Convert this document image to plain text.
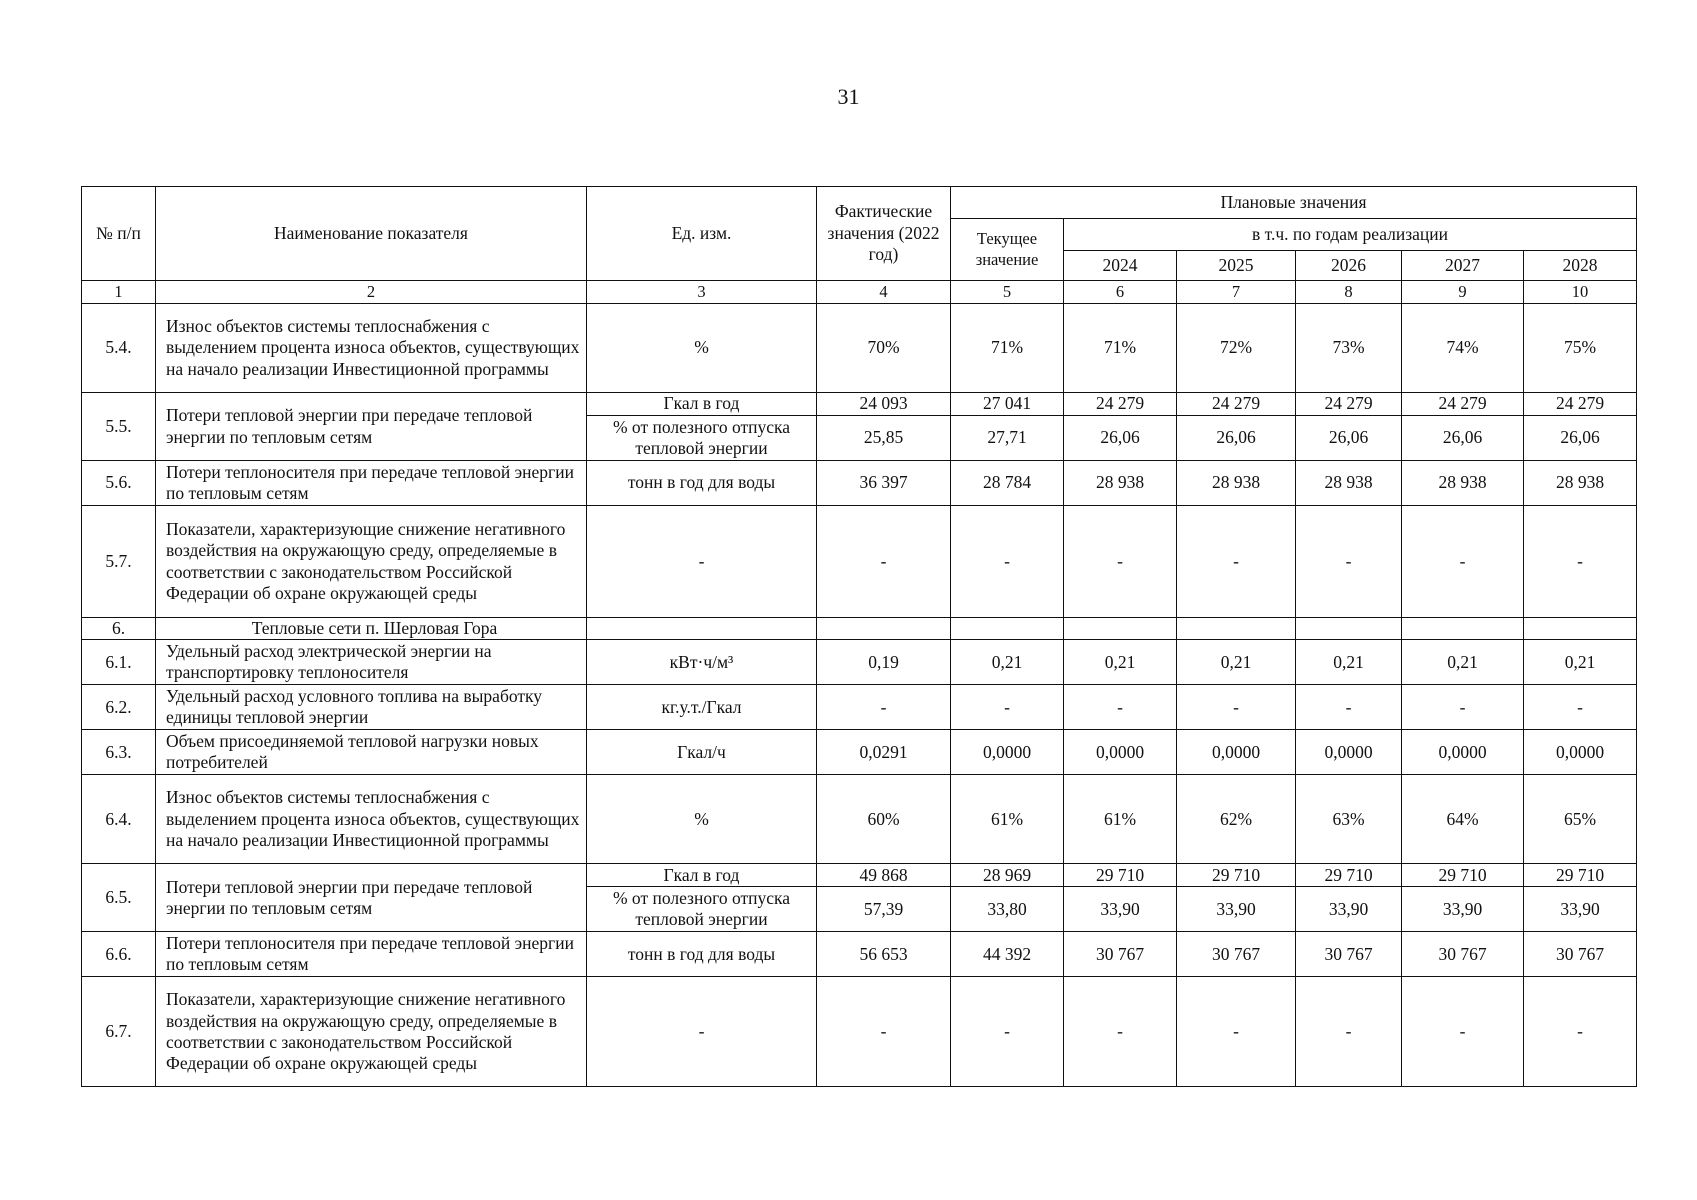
31
№ п/п	Наименование показателя	Ед. изм.	Фактические значения (2022 год)	Плановые значения					
				Текущее значение	в т.ч. по годам реализации				
					2024	2025	2026	2027	2028
1	2	3	4	5	6	7	8	9	10
5.4.	Износ объектов системы теплоснабжения с выделением процента износа объектов, существующих на начало реализации Инвестиционной программы	%	70%	71%	71%	72%	73%	74%	75%
5.5.	Потери тепловой энергии при передаче тепловой энергии по тепловым сетям	Гкал в год	24 093	27 041	24 279	24 279	24 279	24 279	24 279
		% от полезного отпуска тепловой энергии	25,85	27,71	26,06	26,06	26,06	26,06	26,06
5.6.	Потери теплоносителя при передаче тепловой энергии по тепловым сетям	тонн в год для воды	36 397	28 784	28 938	28 938	28 938	28 938	28 938
5.7.	Показатели, характеризующие снижение негативного воздействия на окружающую среду, определяемые в соответствии с законодательством Российской Федерации об охране окружающей среды	-	-	-	-	-	-	-	-
6.	Тепловые сети п. Шерловая Гора								
6.1.	Удельный расход электрической энергии на транспортировку теплоносителя	кВт·ч/м³	0,19	0,21	0,21	0,21	0,21	0,21	0,21
6.2.	Удельный расход условного топлива на выработку единицы тепловой энергии	кг.у.т./Гкал	-	-	-	-	-	-	-
6.3.	Объем присоединяемой тепловой нагрузки новых потребителей	Гкал/ч	0,0291	0,0000	0,0000	0,0000	0,0000	0,0000	0,0000
6.4.	Износ объектов системы теплоснабжения с выделением процента износа объектов, существующих на начало реализации Инвестиционной программы	%	60%	61%	61%	62%	63%	64%	65%
6.5.	Потери тепловой энергии при передаче тепловой энергии по тепловым сетям	Гкал в год	49 868	28 969	29 710	29 710	29 710	29 710	29 710
		% от полезного отпуска тепловой энергии	57,39	33,80	33,90	33,90	33,90	33,90	33,90
6.6.	Потери теплоносителя при передаче тепловой энергии по тепловым сетям	тонн в год для воды	56 653	44 392	30 767	30 767	30 767	30 767	30 767
6.7.	Показатели, характеризующие снижение негативного воздействия на окружающую среду, определяемые в соответствии с законодательством Российской Федерации об охране окружающей среды	-	-	-	-	-	-	-	-
